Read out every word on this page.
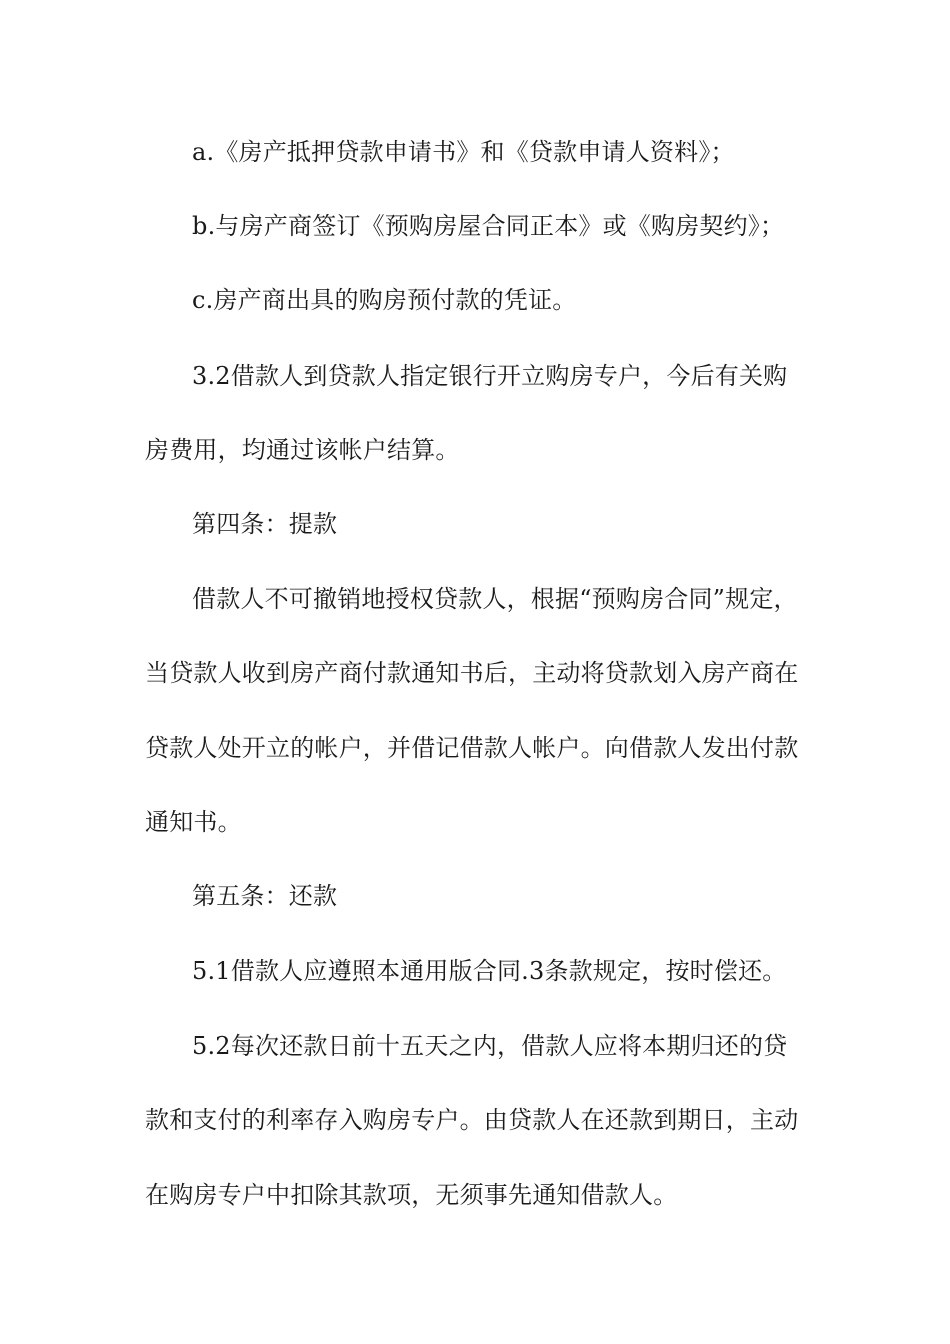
a.《房产抵押贷款申请书》和《贷款申请人资料》；
b.与房产商签订《预购房屋合同正本》或《购房契约》；
c.房产商出具的购房预付款的凭证。
3.2借款人到贷款人指定银行开立购房专户，今后有关购
房费用，均通过该帐户结算。
第四条：提款
借款人不可撤销地授权贷款人，根据“预购房合同”规定，
当贷款人收到房产商付款通知书后，主动将贷款划入房产商在
贷款人处开立的帐户，并借记借款人帐户。向借款人发出付款
通知书。
第五条：还款
5.1借款人应遵照本通用版合同.3条款规定，按时偿还。
5.2每次还款日前十五天之内，借款人应将本期归还的贷
款和支付的利率存入购房专户。由贷款人在还款到期日，主动
在购房专户中扣除其款项，无须事先通知借款人。
